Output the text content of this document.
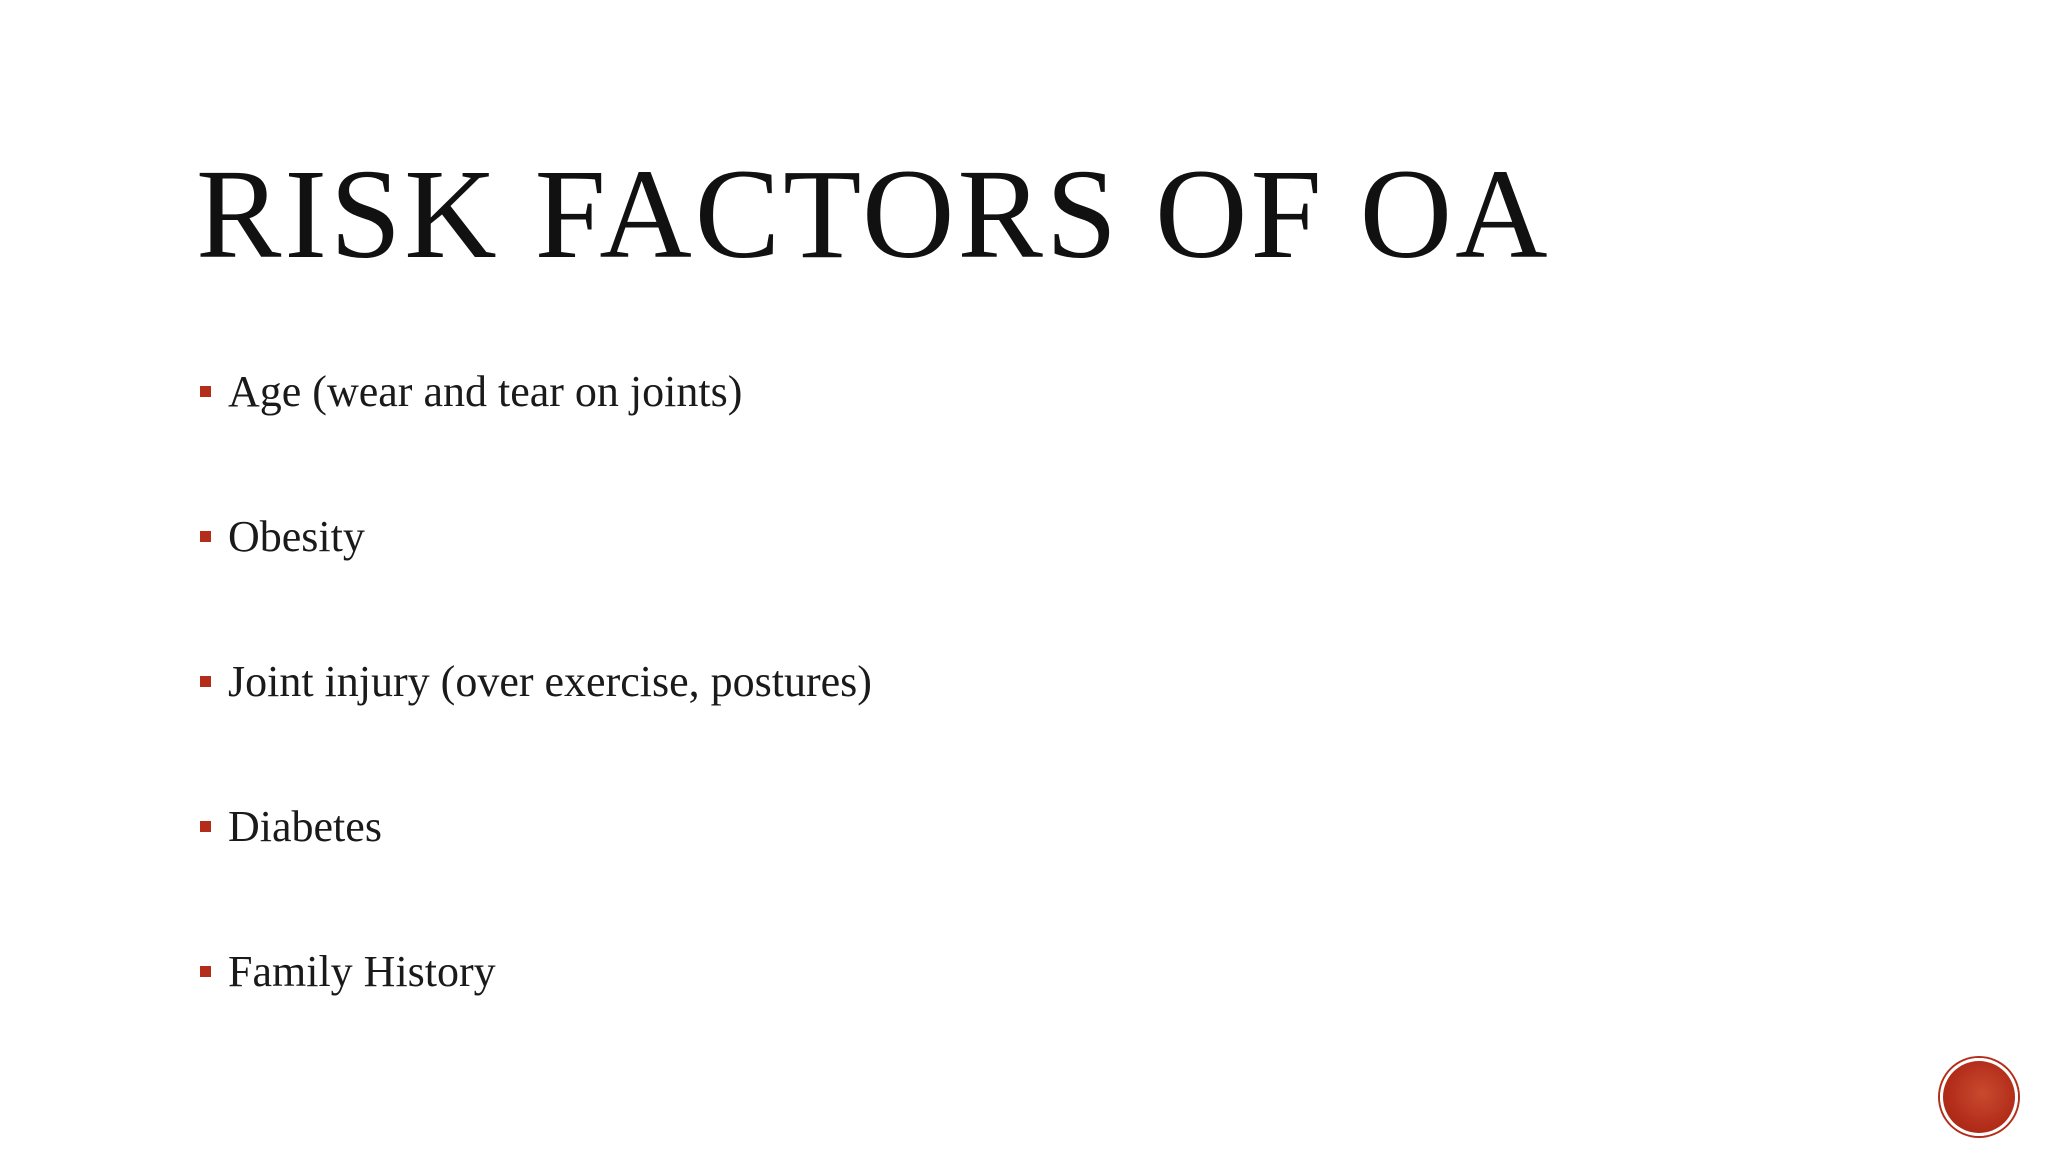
RISK FACTORS OF OA
Age (wear and tear on joints)
Obesity
Joint injury (over exercise, postures)
Diabetes
Family History
